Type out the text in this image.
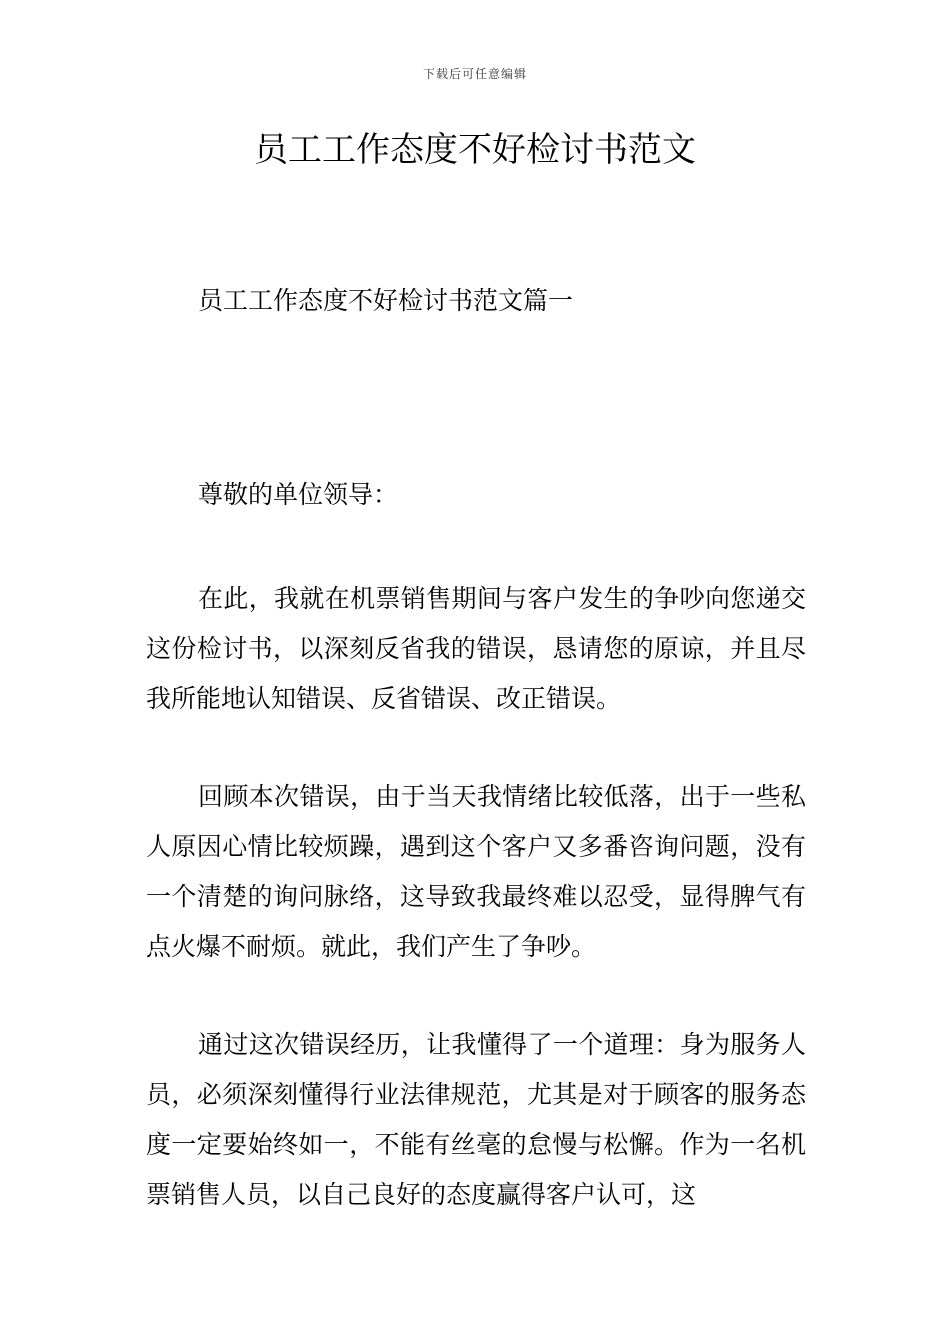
下载后可任意编辑
员工工作态度不好检讨书范文

员工工作态度不好检讨书范文篇一

尊敬的单位领导：

在此，我就在机票销售期间与客户发生的争吵向您递交这份检讨书，以深刻反省我的错误，恳请您的原谅，并且尽我所能地认知错误、反省错误、改正错误。

回顾本次错误，由于当天我情绪比较低落，出于一些私人原因心情比较烦躁，遇到这个客户又多番咨询问题，没有一个清楚的询问脉络，这导致我最终难以忍受，显得脾气有点火爆不耐烦。就此，我们产生了争吵。

通过这次错误经历，让我懂得了一个道理：身为服务人员，必须深刻懂得行业法律规范，尤其是对于顾客的服务态度一定要始终如一，不能有丝毫的怠慢与松懈。作为一名机票销售人员，以自己良好的态度赢得客户认可，这
